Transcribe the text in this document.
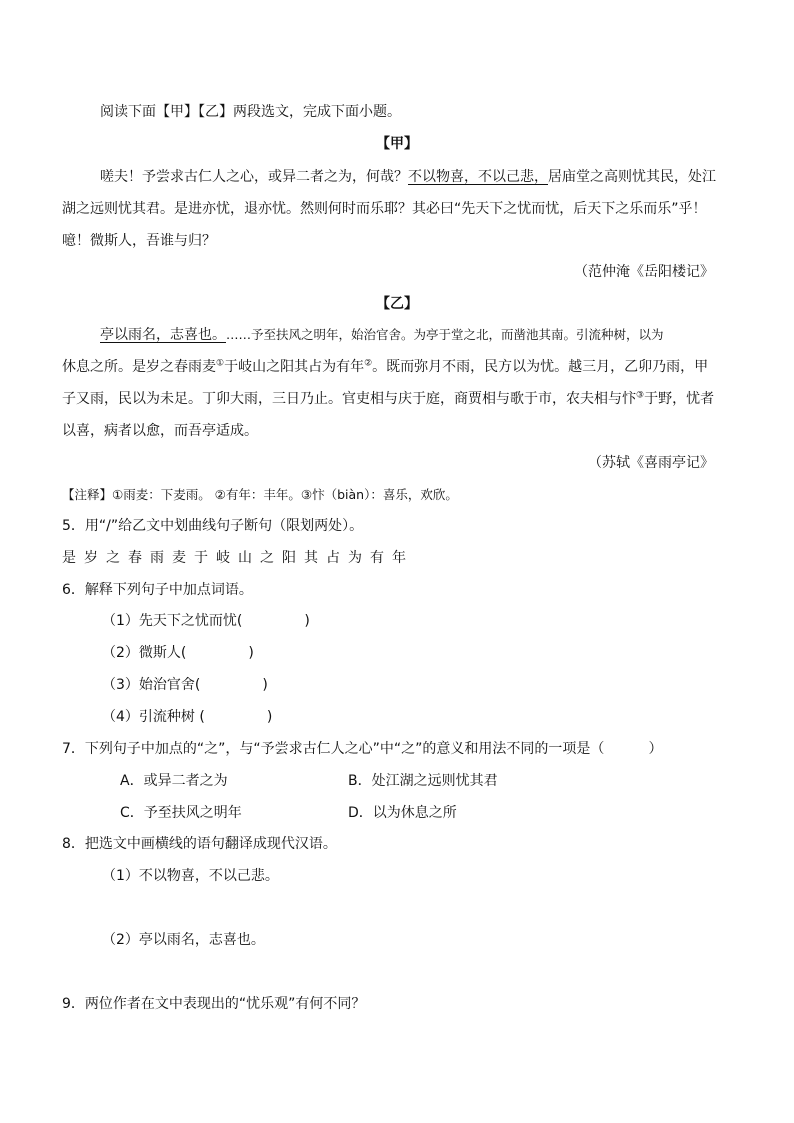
阅读下面【甲】【乙】两段选文，完成下面小题。
【甲】
嗟夫！予尝求古仁人之心，或异二者之为，何哉？不以物喜，不以己悲，居庙堂之高则忧其民，处江
湖之远则忧其君。是进亦忧，退亦忧。然则何时而乐耶？其必曰“先天下之忧而忧，后天下之乐而乐”乎！
噫！微斯人，吾谁与归？
（范仲淹《岳阳楼记》
【乙】
亭以雨名，志喜也。……予至扶风之明年，始治官舍。为亭于堂之北，而凿池其南。引流种树，以为
休息之所。是岁之春雨麦①于岐山之阳其占为有年②。既而弥月不雨，民方以为忧。越三月，乙卯乃雨，甲
子又雨，民以为未足。丁卯大雨，三日乃止。官吏相与庆于庭，商贾相与歌于市，农夫相与忭③于野，忧者
以喜，病者以愈，而吾亭适成。
（苏轼《喜雨亭记》
【注释】①雨麦：下麦雨。 ②有年：丰年。③忭（biàn）：喜乐，欢欣。
5．用“/”给乙文中划曲线句子断句（限划两处）。
是 岁 之 春 雨 麦 于 岐 山 之 阳 其 占 为 有 年
6．解释下列句子中加点词语。
（1）先天下之忧而忧(	)
（2）微斯人(	)
（3）始治官舍(	)
（4）引流种树 (	)
7．下列句子中加点的“之”，与“予尝求古仁人之心”中“之”的意义和用法不同的一项是（	）
A．或异二者之为	B．处江湖之远则忧其君
C．予至扶风之明年	D．以为休息之所
8．把选文中画横线的语句翻译成现代汉语。
（1）不以物喜，不以己悲。
（2）亭以雨名，志喜也。
9．两位作者在文中表现出的“忧乐观”有何不同？
